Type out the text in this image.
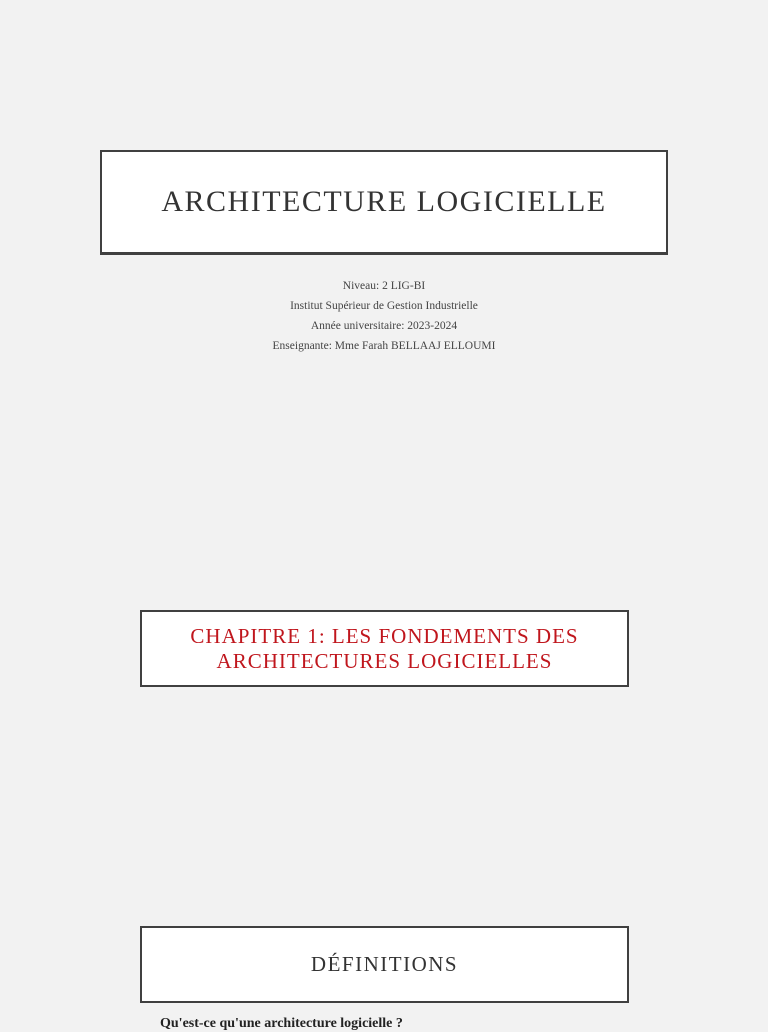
ARCHITECTURE LOGICIELLE
Niveau: 2 LIG-BI
Institut Supérieur de Gestion Industrielle
Année universitaire: 2023-2024
Enseignante: Mme Farah BELLAAJ ELLOUMI
CHAPITRE 1: LES FONDEMENTS DES
ARCHITECTURES LOGICIELLES
DÉFINITIONS
Qu'est-ce qu'une architecture logicielle ?
